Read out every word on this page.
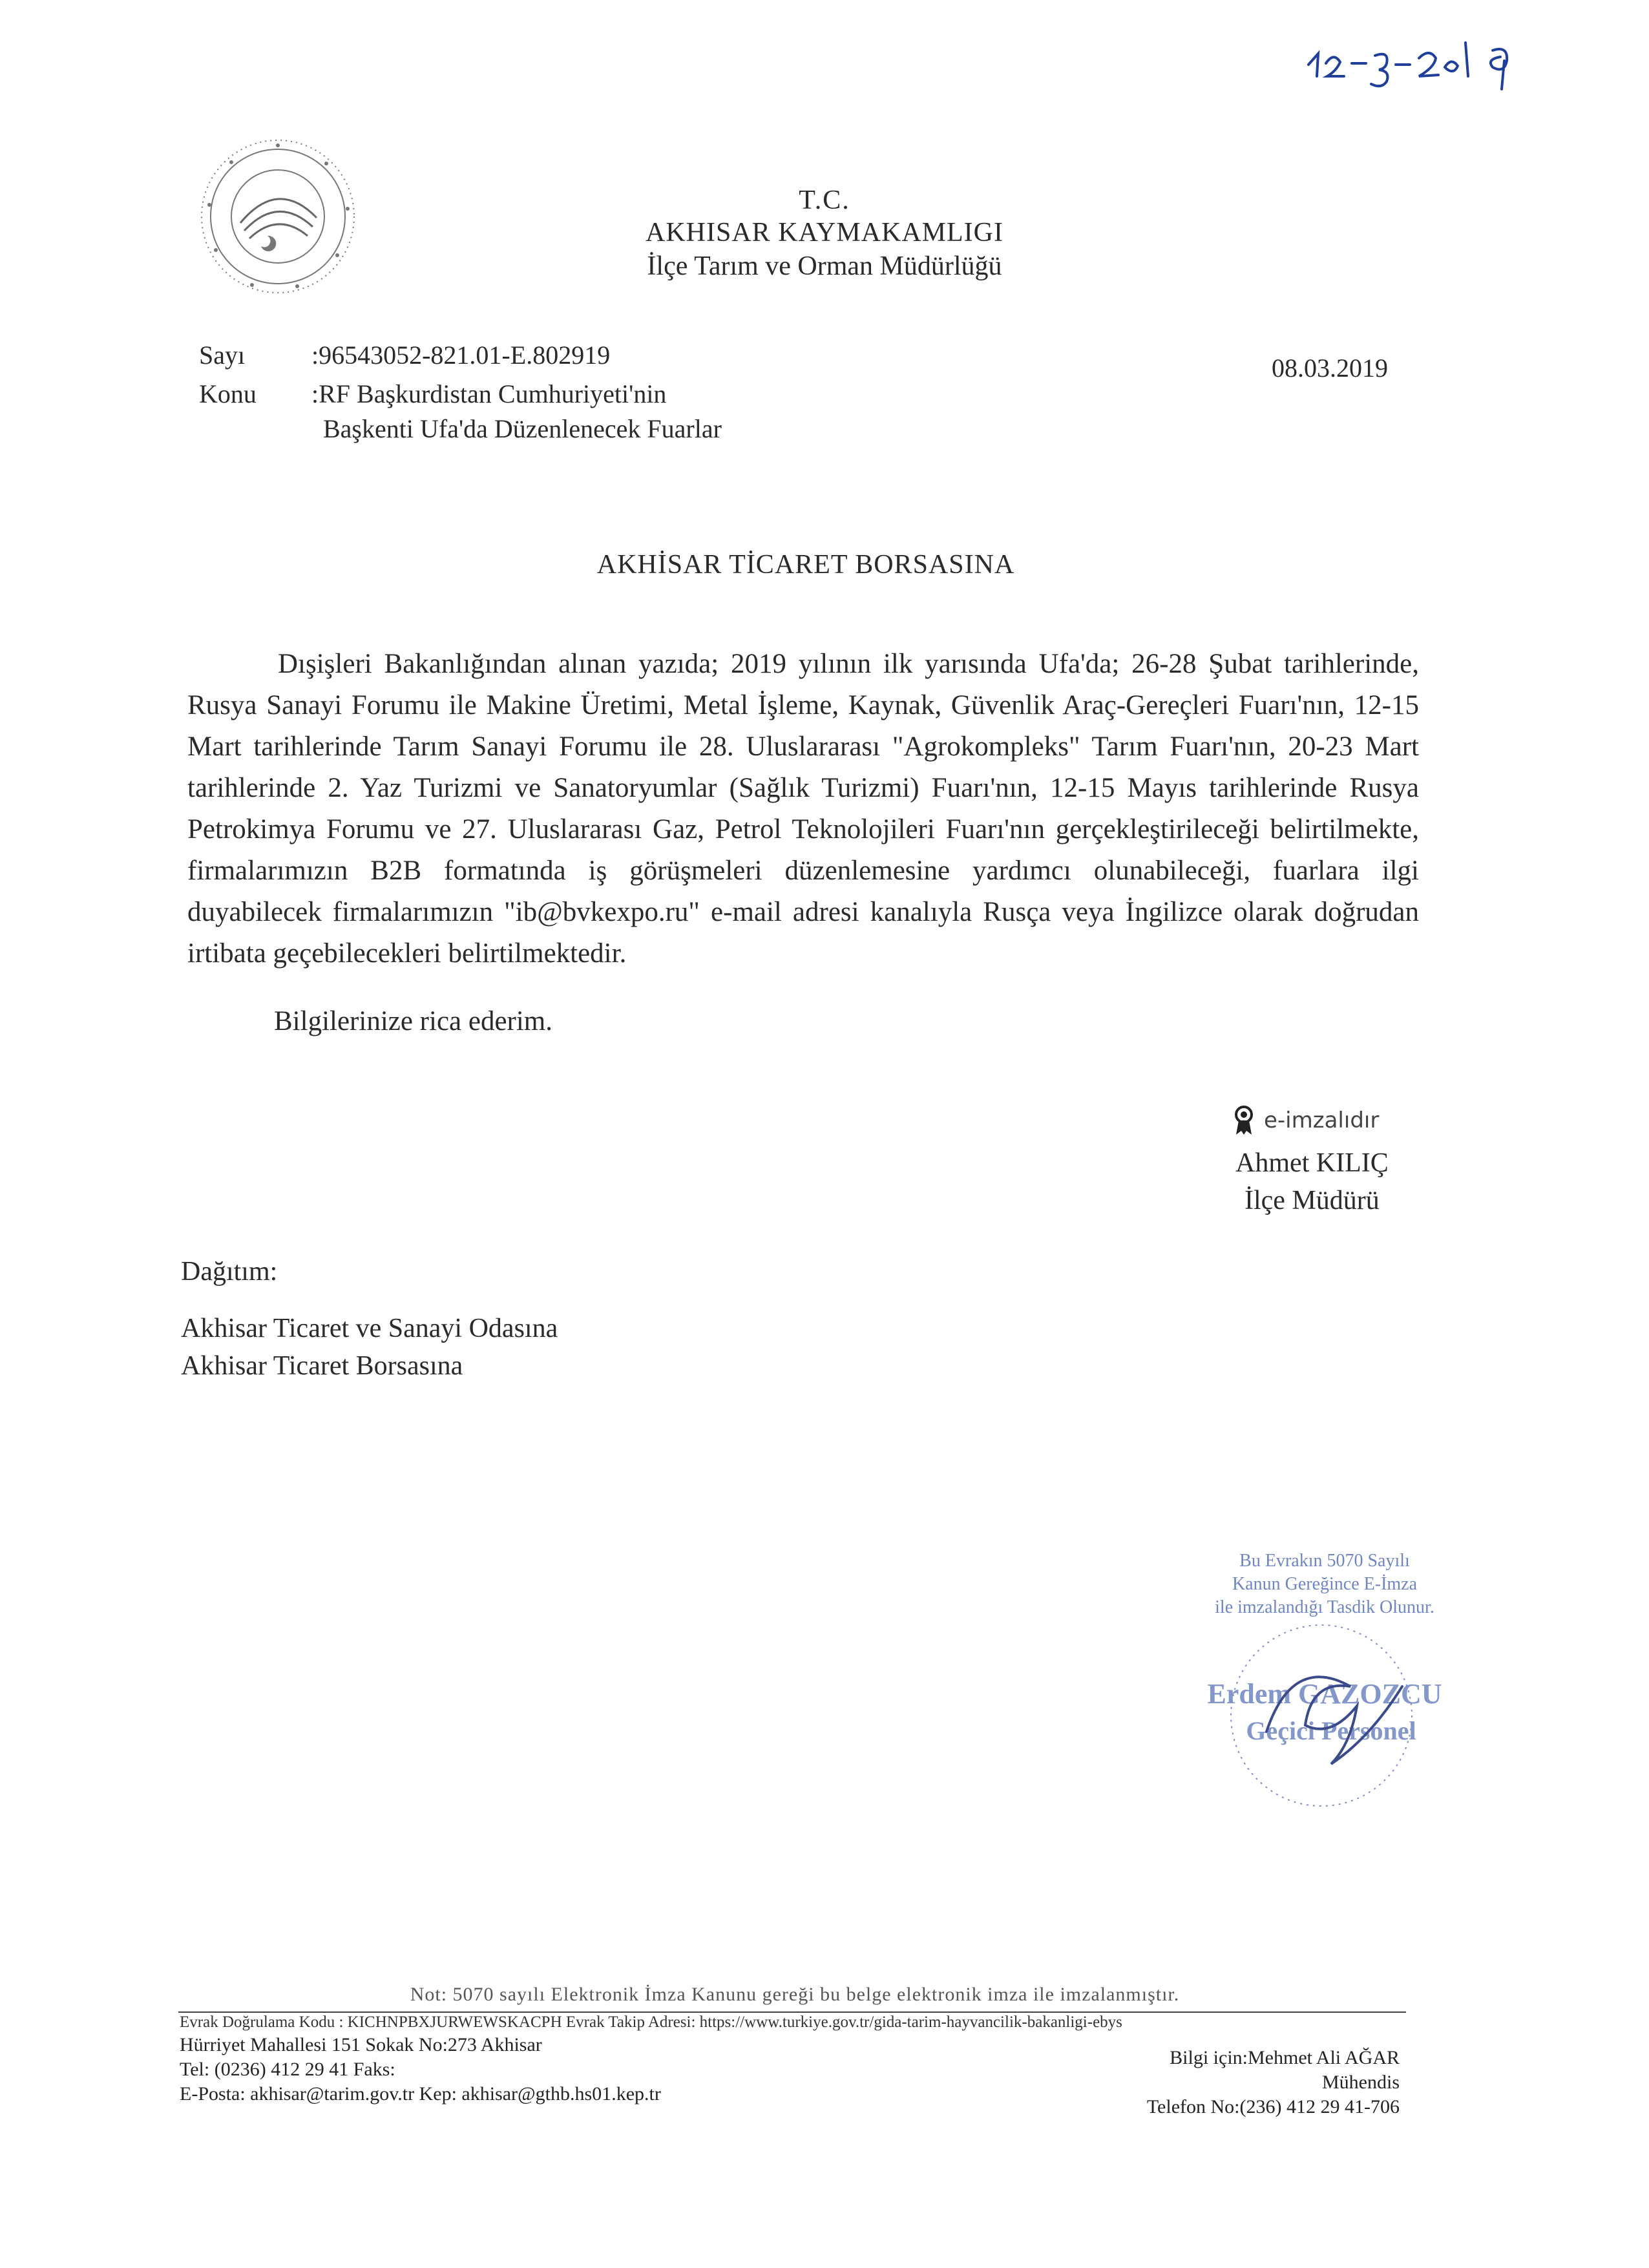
T.C.
AKHISAR KAYMAKAMLIGI
İlçe Tarım ve Orman Müdürlüğü
Sayı	:96543052-821.01-E.802919
Konu :RF Başkurdistan Cumhuriyeti'nin
Başkenti Ufa'da Düzenlenecek Fuarlar
08.03.2019
AKHİSAR TİCARET BORSASINA

Dışişleri Bakanlığından alınan yazıda; 2019 yılının ilk yarısında Ufa'da; 26-28 Şubat tarihlerinde, Rusya Sanayi Forumu ile Makine Üretimi, Metal İşleme, Kaynak, Güvenlik Araç-Gereçleri Fuarı'nın, 12-15 Mart tarihlerinde Tarım Sanayi Forumu ile 28. Uluslararası "Agrokompleks" Tarım Fuarı'nın, 20-23 Mart tarihlerinde 2. Yaz Turizmi ve Sanatoryumlar (Sağlık Turizmi) Fuarı'nın, 12-15 Mayıs tarihlerinde Rusya Petrokimya Forumu ve 27. Uluslararası Gaz, Petrol Teknolojileri Fuarı'nın gerçekleştirileceği belirtilmekte, firmalarımızın B2B formatında iş görüşmeleri düzenlemesine yardımcı olunabileceği, fuarlara ilgi duyabilecek firmalarımızın "ib@bvkexpo.ru" e-mail adresi kanalıyla Rusça veya İngilizce olarak doğrudan irtibata geçebilecekleri belirtilmektedir.

Bilgilerinize rica ederim.
e-imzalıdır
Ahmet KILIÇ
İlçe Müdürü
Dağıtım:
Akhisar Ticaret ve Sanayi Odasına
Akhisar Ticaret Borsasına
Bu Evrakın 5070 Sayılı
Kanun Gereğince E-İmza
ile imzalandığı Tasdik Olunur.
Erdem GAZOZCU
Geçici Personel
Not: 5070 sayılı Elektronik İmza Kanunu gereği bu belge elektronik imza ile imzalanmıştır.
Evrak Doğrulama Kodu : KICHNPBXJURWEWSKACPH Evrak Takip Adresi: https://www.turkiye.gov.tr/gida-tarim-hayvancilik-bakanligi-ebys
Hürriyet Mahallesi 151 Sokak No:273 Akhisar
Tel: (0236) 412 29 41 Faks:
E-Posta: akhisar@tarim.gov.tr Kep: akhisar@gthb.hs01.kep.tr
Bilgi için:Mehmet Ali AĞAR
Mühendis
Telefon No:(236) 412 29 41-706
